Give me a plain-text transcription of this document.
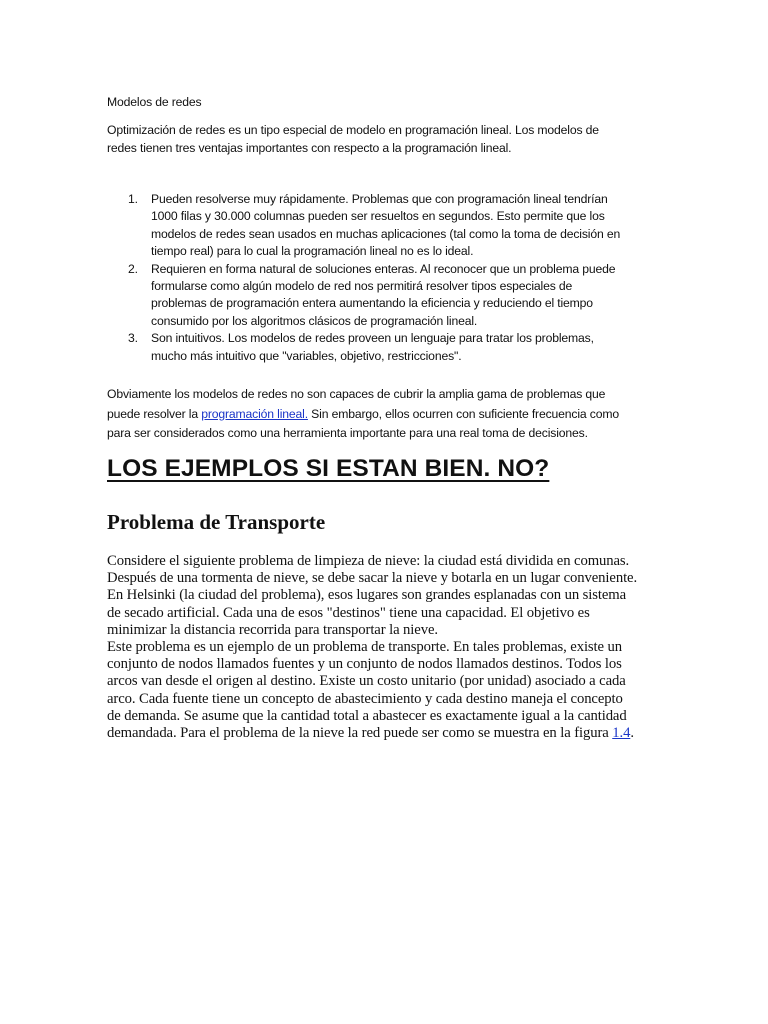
Modelos de redes

Optimización de redes es un tipo especial de modelo en programación lineal. Los modelos de
redes tienen tres ventajas importantes con respecto a la programación lineal.

1. Pueden resolverse muy rápidamente. Problemas que con programación lineal tendrían
1000 filas y 30.000 columnas pueden ser resueltos en segundos. Esto permite que los
modelos de redes sean usados en muchas aplicaciones (tal como la toma de decisión en
tiempo real) para lo cual la programación lineal no es lo ideal.
2. Requieren en forma natural de soluciones enteras. Al reconocer que un problema puede
formularse como algún modelo de red nos permitirá resolver tipos especiales de
problemas de programación entera aumentando la eficiencia y reduciendo el tiempo
consumido por los algoritmos clásicos de programación lineal.
3. Son intuitivos. Los modelos de redes proveen un lenguaje para tratar los problemas,
mucho más intuitivo que "variables, objetivo, restricciones".

Obviamente los modelos de redes no son capaces de cubrir la amplia gama de problemas que
puede resolver la programación lineal. Sin embargo, ellos ocurren con suficiente frecuencia como
para ser considerados como una herramienta importante para una real toma de decisiones.

LOS EJEMPLOS SI ESTAN BIEN. NO?
Problema de Transporte

Considere el siguiente problema de limpieza de nieve: la ciudad está dividida en comunas.
Después de una tormenta de nieve, se debe sacar la nieve y botarla en un lugar conveniente.
En Helsinki (la ciudad del problema), esos lugares son grandes esplanadas con un sistema
de secado artificial. Cada una de esos "destinos" tiene una capacidad. El objetivo es
minimizar la distancia recorrida para transportar la nieve.
Este problema es un ejemplo de un problema de transporte. En tales problemas, existe un
conjunto de nodos llamados fuentes y un conjunto de nodos llamados destinos. Todos los
arcos van desde el origen al destino. Existe un costo unitario (por unidad) asociado a cada
arco. Cada fuente tiene un concepto de abastecimiento y cada destino maneja el concepto
de demanda. Se asume que la cantidad total a abastecer es exactamente igual a la cantidad
demandada. Para el problema de la nieve la red puede ser como se muestra en la figura 1.4.
